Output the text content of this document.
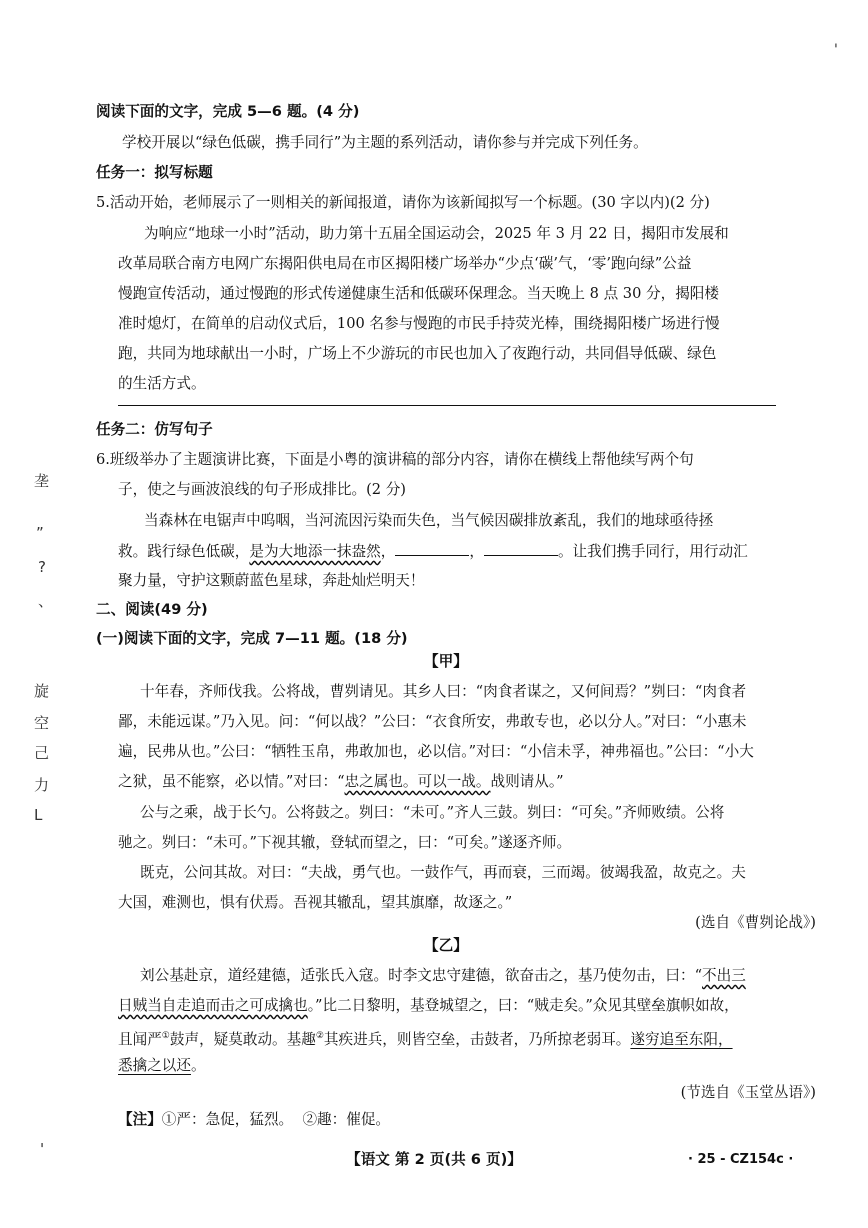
'
垄
”
?
、
旋
空
己
力
L
阅读下面的文字，完成 5—6 题。(4 分)
学校开展以“绿色低碳，携手同行”为主题的系列活动，请你参与并完成下列任务。
任务一：拟写标题
5.活动开始，老师展示了一则相关的新闻报道，请你为该新闻拟写一个标题。(30 字以内)(2 分)
为响应“地球一小时”活动，助力第十五届全国运动会，2025 年 3 月 22 日，揭阳市发展和
改革局联合南方电网广东揭阳供电局在市区揭阳楼广场举办“少点‘碳’气，‘零’跑向绿”公益
慢跑宣传活动，通过慢跑的形式传递健康生活和低碳环保理念。当天晚上 8 点 30 分，揭阳楼
准时熄灯，在简单的启动仪式后，100 名参与慢跑的市民手持荧光棒，围绕揭阳楼广场进行慢
跑，共同为地球献出一小时，广场上不少游玩的市民也加入了夜跑行动，共同倡导低碳、绿色
的生活方式。
任务二：仿写句子
6.班级举办了主题演讲比赛，下面是小粤的演讲稿的部分内容，请你在横线上帮他续写两个句
子，使之与画波浪线的句子形成排比。(2 分)
当森林在电锯声中呜咽，当河流因污染而失色，当气候因碳排放紊乱，我们的地球亟待拯
救。践行绿色低碳，是为大地添一抹盎然，	，	。让我们携手同行，用行动汇
聚力量，守护这颗蔚蓝色星球，奔赴灿烂明天！
二、阅读(49 分)
(一)阅读下面的文字，完成 7—11 题。(18 分)
【甲】
十年春，齐师伐我。公将战，曹刿请见。其乡人曰：“肉食者谋之，又何间焉？”刿曰：“肉食者
鄙，未能远谋。”乃入见。问：“何以战？”公曰：“衣食所安，弗敢专也，必以分人。”对曰：“小惠未
遍，民弗从也。”公曰：“牺牲玉帛，弗敢加也，必以信。”对曰：“小信未孚，神弗福也。”公曰：“小大
之狱，虽不能察，必以情。”对曰：“忠之属也。可以一战。战则请从。”
公与之乘，战于长勺。公将鼓之。刿曰：“未可。”齐人三鼓。刿曰：“可矣。”齐师败绩。公将
驰之。刿曰：“未可。”下视其辙，登轼而望之，曰：“可矣。”遂逐齐师。
既克，公问其故。对曰：“夫战，勇气也。一鼓作气，再而衰，三而竭。彼竭我盈，故克之。夫
大国，难测也，惧有伏焉。吾视其辙乱，望其旗靡，故逐之。”
(选自《曹刿论战》)
【乙】
刘公基赴京，道经建德，适张氏入寇。时李文忠守建德，欲奋击之，基乃使勿击，曰：“不出三
日贼当自走追而击之可成擒也。”比二日黎明，基登城望之，曰：“贼走矣。”众见其壁垒旗帜如故，
且闻严①鼓声，疑莫敢动。基趣②其疾进兵，则皆空垒，击鼓者，乃所掠老弱耳。遂穷追至东阳，
悉擒之以还。
(节选自《玉堂丛语》)
【注】①严：急促，猛烈。 ②趣：催促。
【语文 第 2 页(共 6 页)】	· 25 - CZ154c ·
'
